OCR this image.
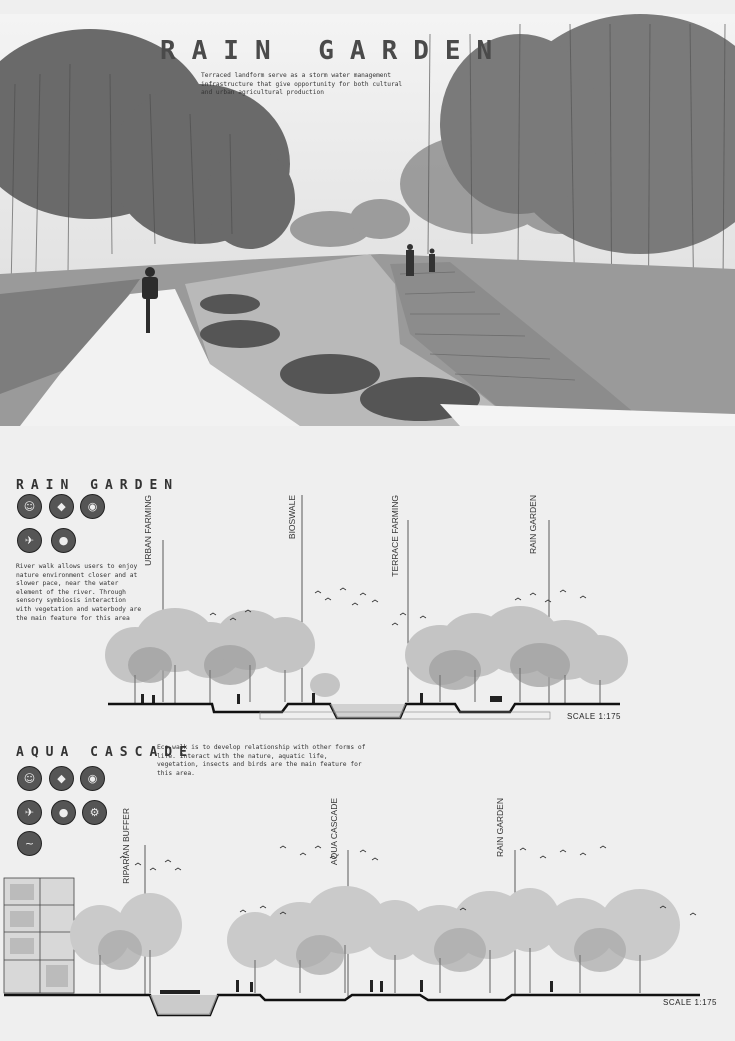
RAIN GARDEN
Terraced landform serve as a storm water management infrastructure that give opportunity for both cultural and urban agricultural production
RAIN GARDEN
☺	◆	◉
✈	●
River walk allows users to enjoy nature environment closer and at slower pace, near the water element of the river. Through sensory symbiosis interaction with vegetation and waterbody are the main feature for this area
URBAN FARMING	BIOSWALE	TERRACE FARMING	RAIN GARDEN
SCALE 1:175
AQUA CASCADE
Eco-walk is to develop relationship with other forms of life. Interact with the nature, aquatic life, vegetation, insects and birds are the main feature for this area.
☺	◆	◉
✈	●	⚙
~	RIPARIAN BUFFER	AQUA CASCADE	RAIN GARDEN
SCALE 1:175
